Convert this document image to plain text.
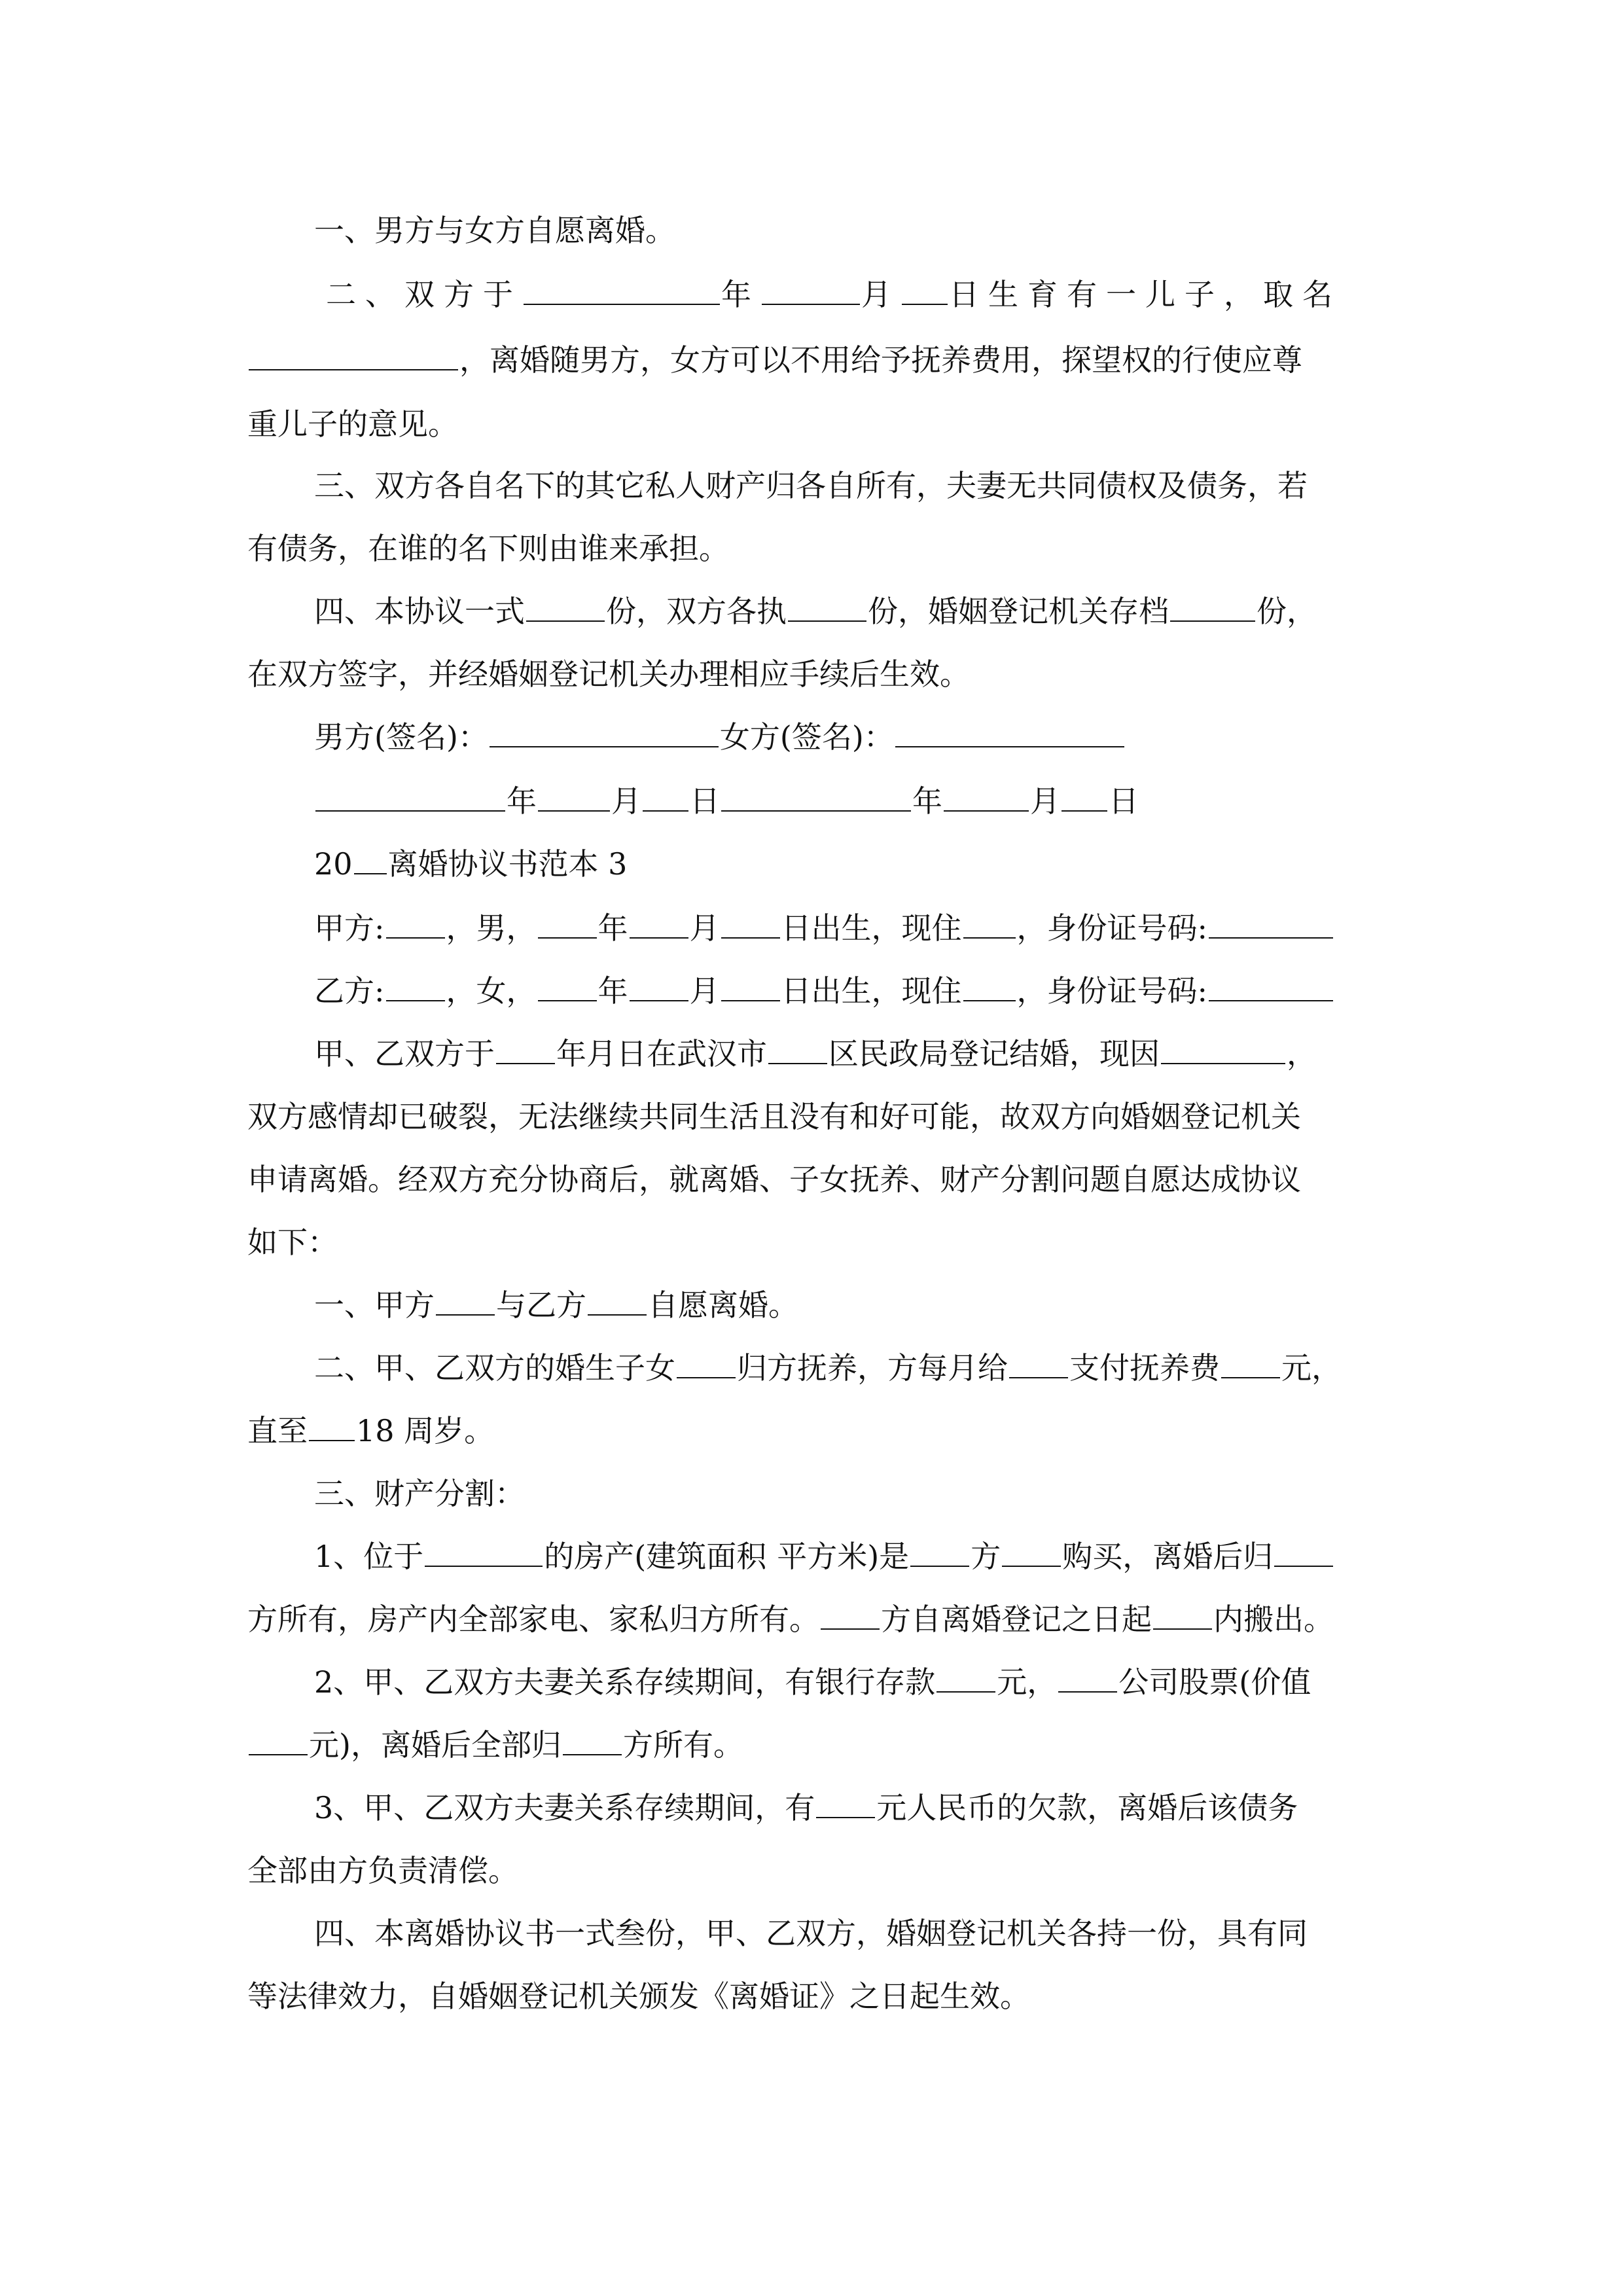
一、男方与女方自愿离婚。
二、双方于	年	月 日生育有一儿子，取名
，离婚随男方，女方可以不用给予抚养费用，探望权的行使应尊
重儿子的意见。
三、双方各自名下的其它私人财产归各自所有，夫妻无共同债权及债务，若
有债务，在谁的名下则由谁来承担。
四、本协议一式	份，双方各执	份，婚姻登记机关存档	份，
在双方签字，并经婚姻登记机关办理相应手续后生效。
男方(签名)：	女方(签名)：
年 月 日	年	月 日
20 离婚协议书范本 3
甲方: ，男， 年 月 日出生，现住 ，身份证号码:
乙方: ，女， 年 月 日出生，现住 ，身份证号码:
甲、乙双方于 年月日在武汉市 区民政局登记结婚，现因	，
双方感情却已破裂，无法继续共同生活且没有和好可能，故双方向婚姻登记机关
申请离婚。经双方充分协商后，就离婚、子女抚养、财产分割问题自愿达成协议
如下：
一、甲方 与乙方 自愿离婚。
二、甲、乙双方的婚生子女 归方抚养，方每月给 支付抚养费 元，
直至 18 周岁。
三、财产分割：
1、位于	的房产(建筑面积 平方米)是 方 购买，离婚后归
方所有，房产内全部家电、家私归方所有。 方自离婚登记之日起 内搬出。
2、甲、乙双方夫妻关系存续期间，有银行存款 元， 公司股票(价值
元)，离婚后全部归 方所有。
3、甲、乙双方夫妻关系存续期间，有 元人民币的欠款，离婚后该债务
全部由方负责清偿。
四、本离婚协议书一式叁份，甲、乙双方，婚姻登记机关各持一份，具有同
等法律效力，自婚姻登记机关颁发《离婚证》之日起生效。
